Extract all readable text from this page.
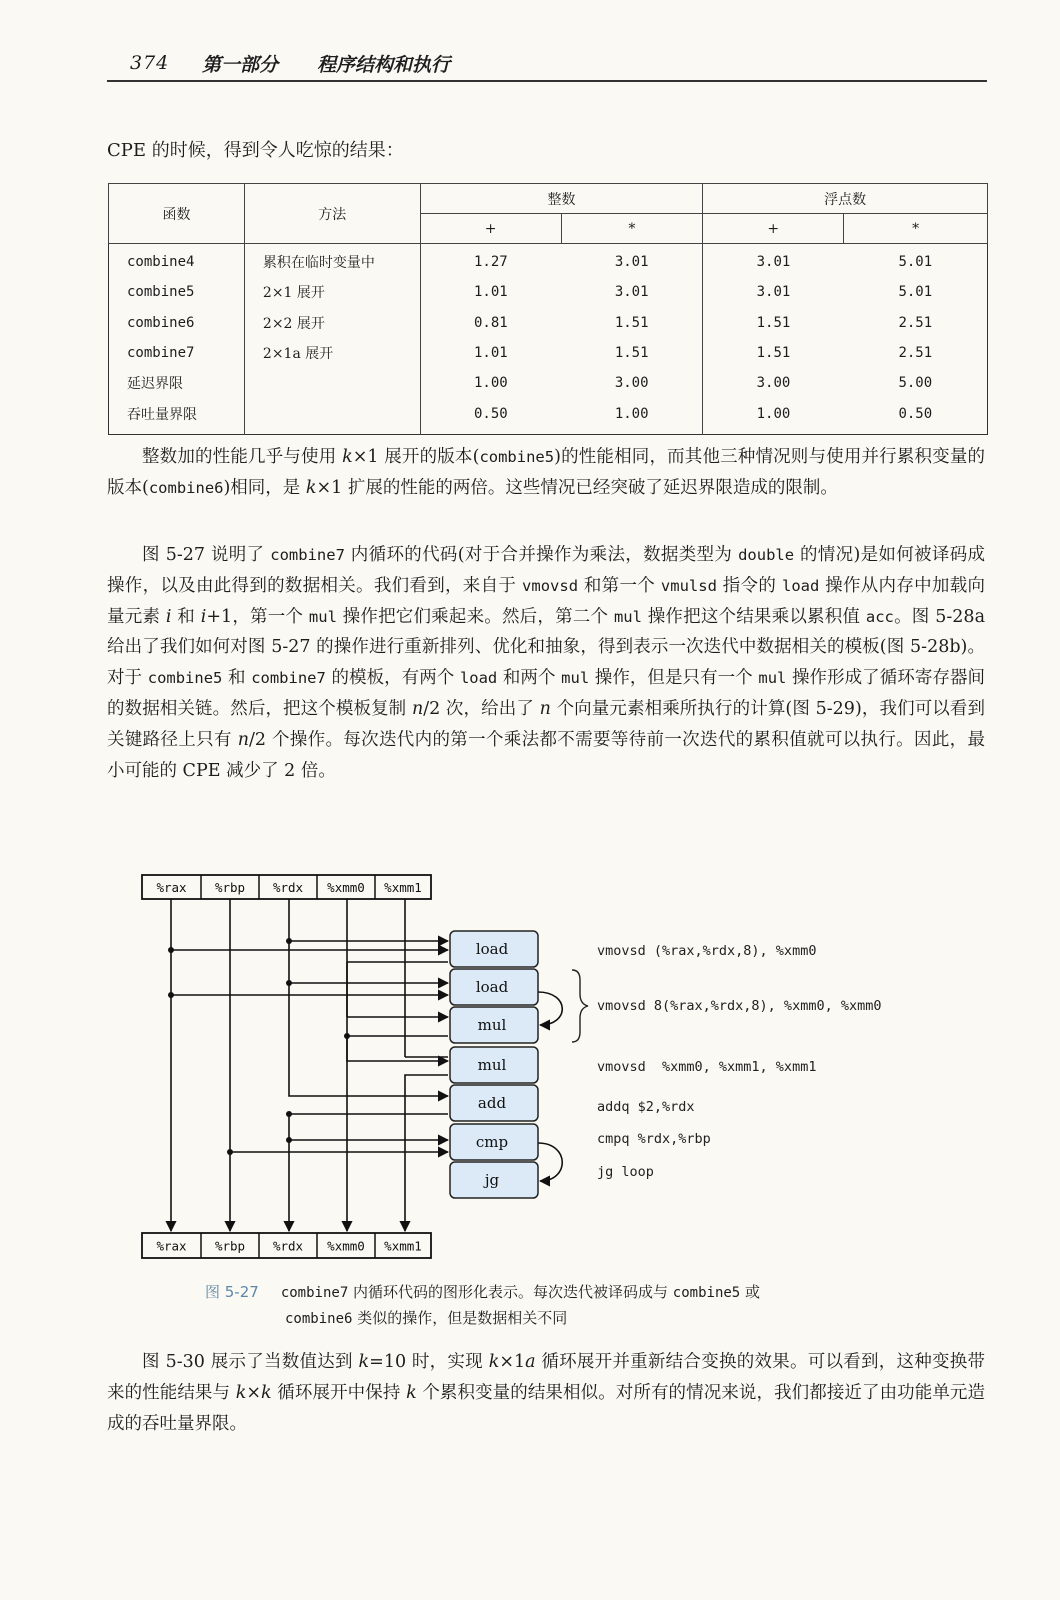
374 第一部分 程序结构和执行
CPE 的时候，得到令人吃惊的结果：
函数	方法	整数		浮点数	
		+	*	+	*
combine4	累积在临时变量中	1.27	3.01	3.01	5.01
combine5	2×1 展开	1.01	3.01	3.01	5.01
combine6	2×2 展开	0.81	1.51	1.51	2.51
combine7	2×1a 展开	1.01	1.51	1.51	2.51
延迟界限		1.00	3.00	3.00	5.00
吞吐量界限		0.50	1.00	1.00	0.50

整数加的性能几乎与使用 k×1 展开的版本(combine5)的性能相同，而其他三种情况则与使用并行累积变量的版本(combine6)相同，是 k×1 扩展的性能的两倍。这些情况已经突破了延迟界限造成的限制。

图 5-27 说明了 combine7 内循环的代码(对于合并操作为乘法，数据类型为 double 的情况)是如何被译码成操作，以及由此得到的数据相关。我们看到，来自于 vmovsd 和第一个 vmulsd 指令的 load 操作从内存中加载向量元素 i 和 i+1，第一个 mul 操作把它们乘起来。然后，第二个 mul 操作把这个结果乘以累积值 acc。图 5-28a 给出了我们如何对图 5-27 的操作进行重新排列、优化和抽象，得到表示一次迭代中数据相关的模板(图 5-28b)。对于 combine5 和 combine7 的模板，有两个 load 和两个 mul 操作，但是只有一个 mul 操作形成了循环寄存器间的数据相关链。然后，把这个模板复制 n/2 次，给出了 n 个向量元素相乘所执行的计算(图 5-29)，我们可以看到关键路径上只有 n/2 个操作。每次迭代内的第一个乘法都不需要等待前一次迭代的累积值就可以执行。因此，最小可能的 CPE 减少了 2 倍。

%rax %rbp %rdx %xmm0 %xmm1
%rax %rbp %rdx %xmm0 %xmm1
load
load
mul
mul
add
cmp
jg
vmovsd (%rax,%rdx,8), %xmm0
vmovsd 8(%rax,%rdx,8), %xmm0, %xmm0
vmovsd  %xmm0, %xmm1, %xmm1
addq $2,%rdx
cmpq %rdx,%rbp
jg loop
图 5-27 combine7 内循环代码的图形化表示。每次迭代被译码成与 combine5 或
combine6 类似的操作，但是数据相关不同

图 5-30 展示了当数值达到 k=10 时，实现 k×1a 循环展开并重新结合变换的效果。可以看到，这种变换带来的性能结果与 k×k 循环展开中保持 k 个累积变量的结果相似。对所有的情况来说，我们都接近了由功能单元造成的吞吐量界限。
